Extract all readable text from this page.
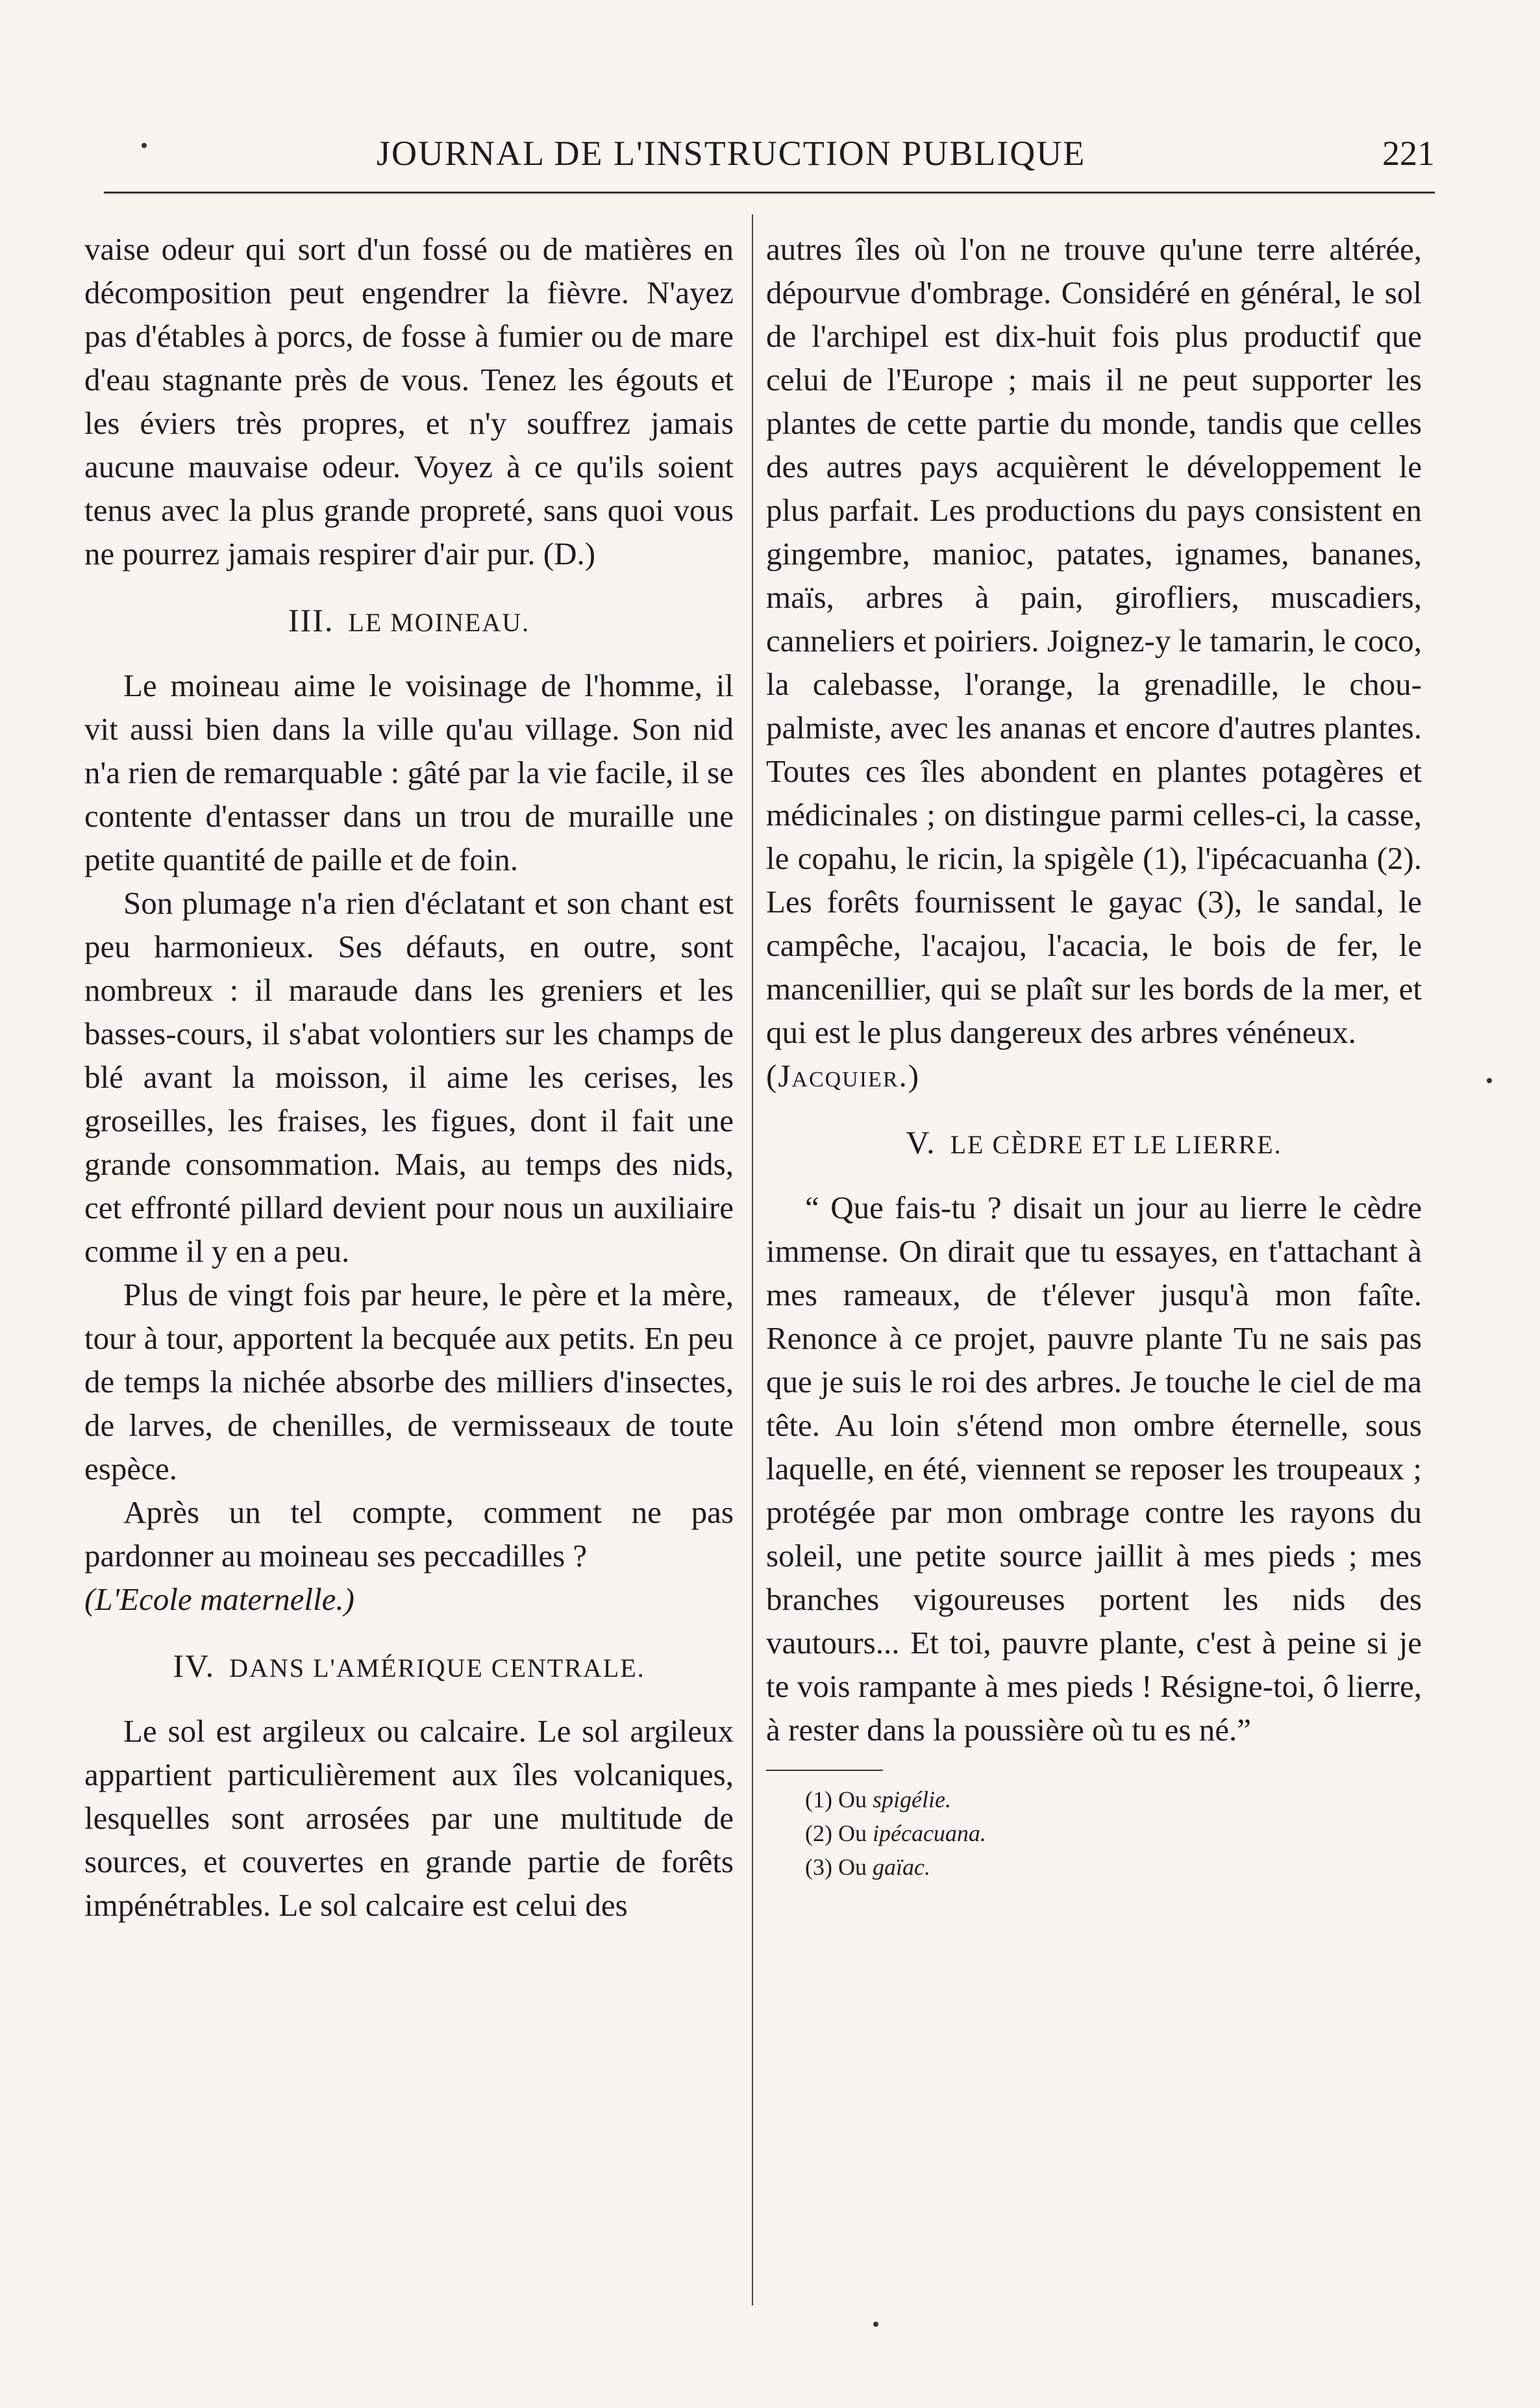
JOURNAL DE L'INSTRUCTION PUBLIQUE	221

vaise odeur qui sort d'un fossé ou de matières en décomposition peut engendrer la fièvre. N'ayez pas d'étables à porcs, de fosse à fumier ou de mare d'eau stagnante près de vous. Tenez les égouts et les éviers très propres, et n'y souffrez jamais aucune mauvaise odeur. Voyez à ce qu'ils soient tenus avec la plus grande propreté, sans quoi vous ne pourrez jamais respirer d'air pur. (D.)

III. LE MOINEAU.

Le moineau aime le voisinage de l'homme, il vit aussi bien dans la ville qu'au village. Son nid n'a rien de remarquable : gâté par la vie facile, il se contente d'entasser dans un trou de muraille une petite quantité de paille et de foin.

Son plumage n'a rien d'éclatant et son chant est peu harmonieux. Ses défauts, en outre, sont nombreux : il maraude dans les greniers et les basses-cours, il s'abat volontiers sur les champs de blé avant la moisson, il aime les cerises, les groseilles, les fraises, les figues, dont il fait une grande consommation. Mais, au temps des nids, cet effronté pillard devient pour nous un auxiliaire comme il y en a peu.

Plus de vingt fois par heure, le père et la mère, tour à tour, apportent la becquée aux petits. En peu de temps la nichée absorbe des milliers d'insectes, de larves, de chenilles, de vermisseaux de toute espèce.

Après un tel compte, comment ne pas pardonner au moineau ses peccadilles ?

(L'Ecole maternelle.)

IV. DANS L'AMÉRIQUE CENTRALE.

Le sol est argileux ou calcaire. Le sol argileux appartient particulièrement aux îles volcaniques, lesquelles sont arrosées par une multitude de sources, et couvertes en grande partie de forêts impénétrables. Le sol calcaire est celui des

autres îles où l'on ne trouve qu'une terre altérée, dépourvue d'ombrage. Considéré en général, le sol de l'archipel est dix-huit fois plus productif que celui de l'Europe ; mais il ne peut supporter les plantes de cette partie du monde, tandis que celles des autres pays acquièrent le développement le plus parfait. Les productions du pays consistent en gingembre, manioc, patates, ignames, bananes, maïs, arbres à pain, girofliers, muscadiers, canneliers et poiriers. Joignez-y le tamarin, le coco, la calebasse, l'orange, la grenadille, le chou-palmiste, avec les ananas et encore d'autres plantes. Toutes ces îles abondent en plantes potagères et médicinales ; on distingue parmi celles-ci, la casse, le copahu, le ricin, la spigèle (1), l'ipécacuanha (2). Les forêts fournissent le gayac (3), le sandal, le campêche, l'acajou, l'acacia, le bois de fer, le mancenillier, qui se plaît sur les bords de la mer, et qui est le plus dangereux des arbres vénéneux.

(Jacquier.)

V. LE CÈDRE ET LE LIERRE.

“ Que fais-tu ? disait un jour au lierre le cèdre immense. On dirait que tu essayes, en t'attachant à mes rameaux, de t'élever jusqu'à mon faîte. Renonce à ce projet, pauvre plante Tu ne sais pas que je suis le roi des arbres. Je touche le ciel de ma tête. Au loin s'étend mon ombre éternelle, sous laquelle, en été, viennent se reposer les troupeaux ; protégée par mon ombrage contre les rayons du soleil, une petite source jaillit à mes pieds ; mes branches vigoureuses portent les nids des vautours... Et toi, pauvre plante, c'est à peine si je te vois rampante à mes pieds ! Résigne-toi, ô lierre, à rester dans la poussière où tu es né.”

(1) Ou spigélie.
(2) Ou ipécacuana.
(3) Ou gaïac.
